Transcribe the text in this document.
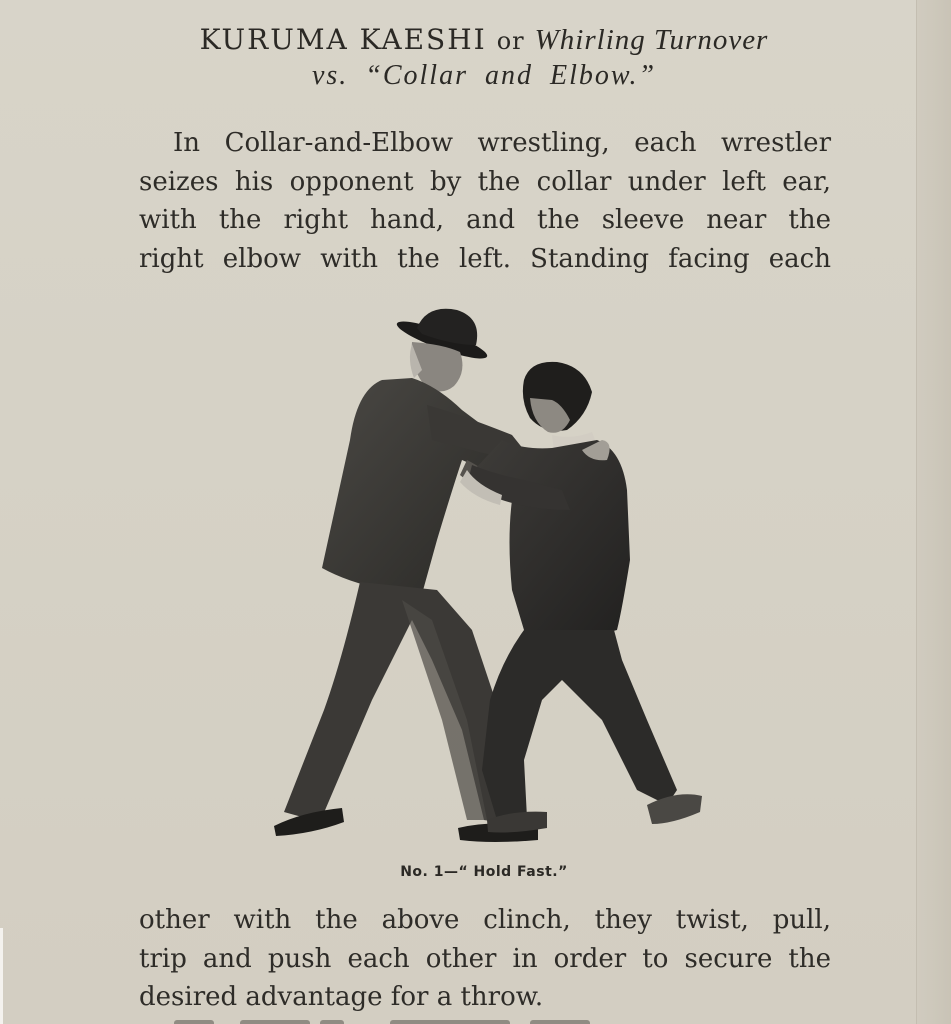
KURUMA KAESHI or Whirling Turnover
vs. “Collar and Elbow.”
In Collar-and-Elbow wrestling, each wrestler
seizes his opponent by the collar under left ear,
with the right hand, and the sleeve near the
right elbow with the left. Standing facing each
No. 1—“ Hold Fast.”
other with the above clinch, they twist, pull,
trip and push each other in order to secure the
desired advantage for a throw.
